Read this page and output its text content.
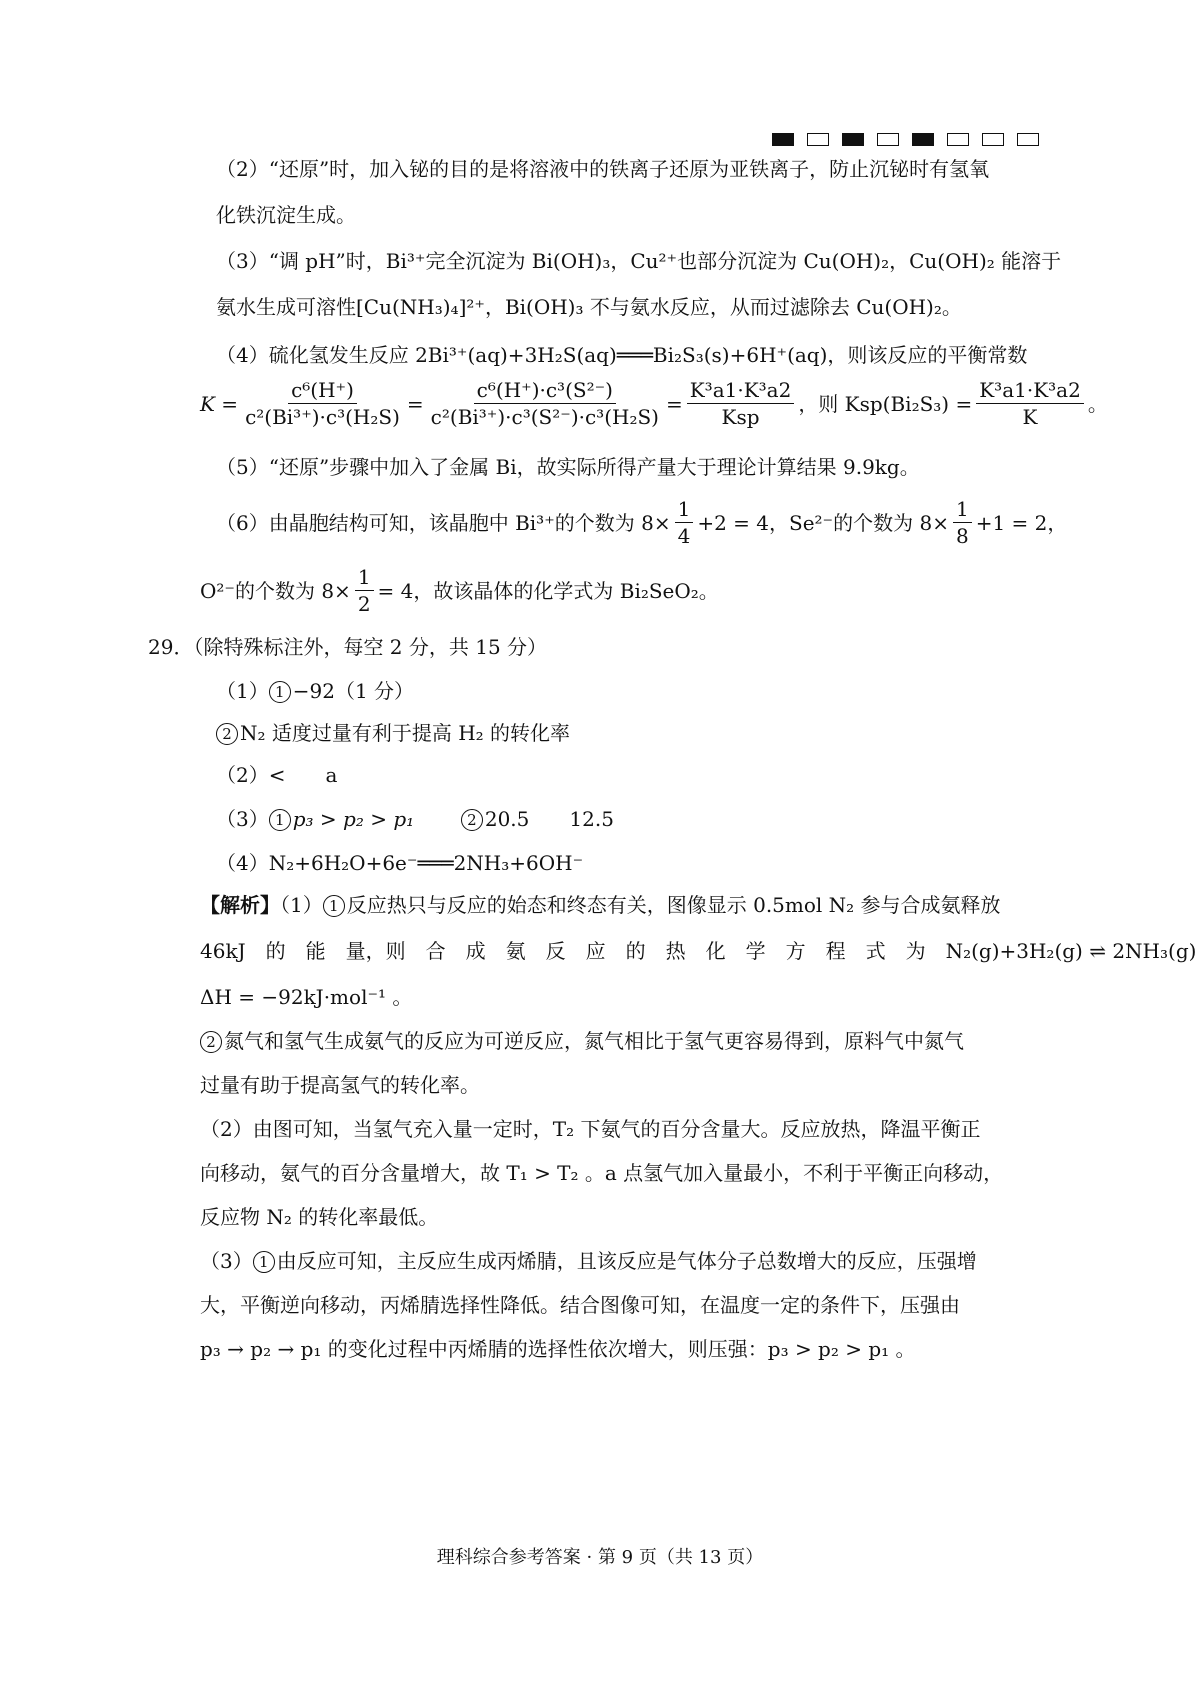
（2）“还原”时，加入铋的目的是将溶液中的铁离子还原为亚铁离子，防止沉铋时有氢氧
化铁沉淀生成。
（3）“调 pH”时，Bi³⁺完全沉淀为 Bi(OH)₃，Cu²⁺也部分沉淀为 Cu(OH)₂，Cu(OH)₂ 能溶于
氨水生成可溶性[Cu(NH₃)₄]²⁺，Bi(OH)₃ 不与氨水反应，从而过滤除去 Cu(OH)₂。
（4）硫化氢发生反应 2Bi³⁺(aq)+3H₂S(aq)═══Bi₂S₃(s)+6H⁺(aq)，则该反应的平衡常数
$K = \frac{\text{c⁶(H⁺)}}{\text{c²(Bi³⁺)·c³(H₂S)}} = \frac{\text{c⁶(H⁺)·c³(S²⁻)}}{\text{c²(Bi³⁺)·c³(S²⁻)·c³(H₂S)}} = \frac{\text{K³a1·K³a2}}{\text{Ksp}}$ ，则 $Ksp(Bi_2S_3) = \frac{\text{K³a1·K³a2}}{K}$ 。
（5）“还原”步骤中加入了金属 Bi，故实际所得产量大于理论计算结果 9.9kg。
（6）由晶胞结构可知，该晶胞中 Bi³⁺的个数为 $8\times \frac{1}{4} +2 = 4$，Se²⁻的个数为 $8\times \frac{1}{8} +1 = 2$，
O²⁻的个数为 $8\times \frac{1}{2} = 4$，故该晶体的化学式为 Bi₂SeO₂。
29．（除特殊标注外，每空 2 分，共 15 分）
（1） 1 −92（1 分）
2 N₂ 适度过量有利于提高 H₂ 的转化率
（2）<　　a
（3） 1 p₃ > p₂ > p₁	2 20.5　　12.5
（4）N₂+6H₂O+6e⁻═══2NH₃+6OH⁻
【解析】（1） 1 反应热只与反应的始态和终态有关，图像显示 0.5mol N₂ 参与合成氨释放
46kJ　的　能　量，则　合　成　氨　反　应　的　热　化　学　方　程　式　为　N₂(g)+3H₂(g) ⇌ 2NH₃(g)
ΔH = −92kJ·mol⁻¹ 。
2 氮气和氢气生成氨气的反应为可逆反应，氮气相比于氢气更容易得到，原料气中氮气
过量有助于提高氢气的转化率。
（2）由图可知，当氢气充入量一定时，T₂ 下氨气的百分含量大。反应放热，降温平衡正
向移动，氨气的百分含量增大，故 T₁ > T₂ 。a 点氢气加入量最小，不利于平衡正向移动，
反应物 N₂ 的转化率最低。
（3） 1 由反应可知，主反应生成丙烯腈，且该反应是气体分子总数增大的反应，压强增
大，平衡逆向移动，丙烯腈选择性降低。结合图像可知，在温度一定的条件下，压强由
p₃ → p₂ → p₁ 的变化过程中丙烯腈的选择性依次增大，则压强：p₃ > p₂ > p₁ 。
理科综合参考答案 · 第 9 页（共 13 页）
